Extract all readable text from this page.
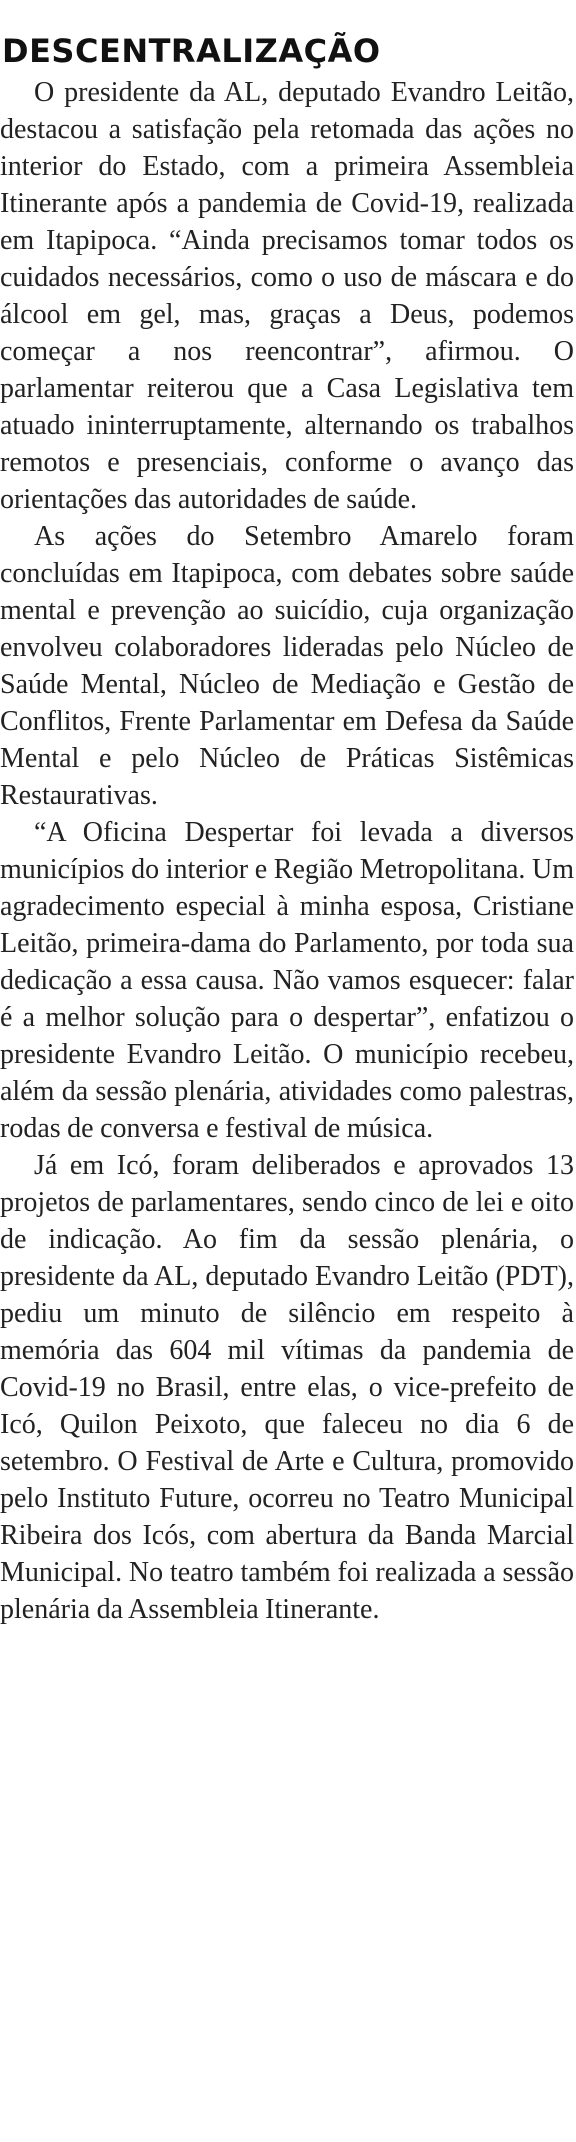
DESCENTRALIZAÇÃO

O presidente da AL, deputado Evandro Leitão, destacou a satisfação pela retomada das ações no interior do Estado, com a primeira Assembleia Itinerante após a pandemia de Covid-19, realizada em Itapipoca. “Ainda precisamos tomar todos os cuidados necessários, como o uso de máscara e do álcool em gel, mas, graças a Deus, podemos começar a nos reencontrar”, afirmou. O parlamentar reiterou que a Casa Legislativa tem atuado ininterruptamente, alternando os trabalhos remotos e presenciais, conforme o avanço das orientações das autoridades de saúde.

As ações do Setembro Amarelo foram concluídas em Itapipoca, com debates sobre saúde mental e prevenção ao suicídio, cuja organização envolveu colaboradores lideradas pelo Núcleo de Saúde Mental, Núcleo de Mediação e Gestão de Conflitos, Frente Parlamentar em Defesa da Saúde Mental e pelo Núcleo de Práticas Sistêmicas Restaurativas.

“A Oficina Despertar foi levada a diversos municípios do interior e Região Metropolitana. Um agradecimento especial à minha esposa, Cristiane Leitão, primeira-dama do Parlamento, por toda sua dedicação a essa causa. Não vamos esquecer: falar é a melhor solução para o despertar”, enfatizou o presidente Evandro Leitão. O município recebeu, além da sessão plenária, atividades como palestras, rodas de conversa e festival de música.

Já em Icó, foram deliberados e aprovados 13 projetos de parlamentares, sendo cinco de lei e oito de indicação. Ao fim da sessão plenária, o presidente da AL, deputado Evandro Leitão (PDT), pediu um minuto de silêncio em respeito à memória das 604 mil vítimas da pandemia de Covid-19 no Brasil, entre elas, o vice-prefeito de Icó, Quilon Peixoto, que faleceu no dia 6 de setembro. O Festival de Arte e Cultura, promovido pelo Instituto Future, ocorreu no Teatro Municipal Ribeira dos Icós, com abertura da Banda Marcial Municipal. No teatro também foi realizada a sessão plenária da Assembleia Itinerante.
